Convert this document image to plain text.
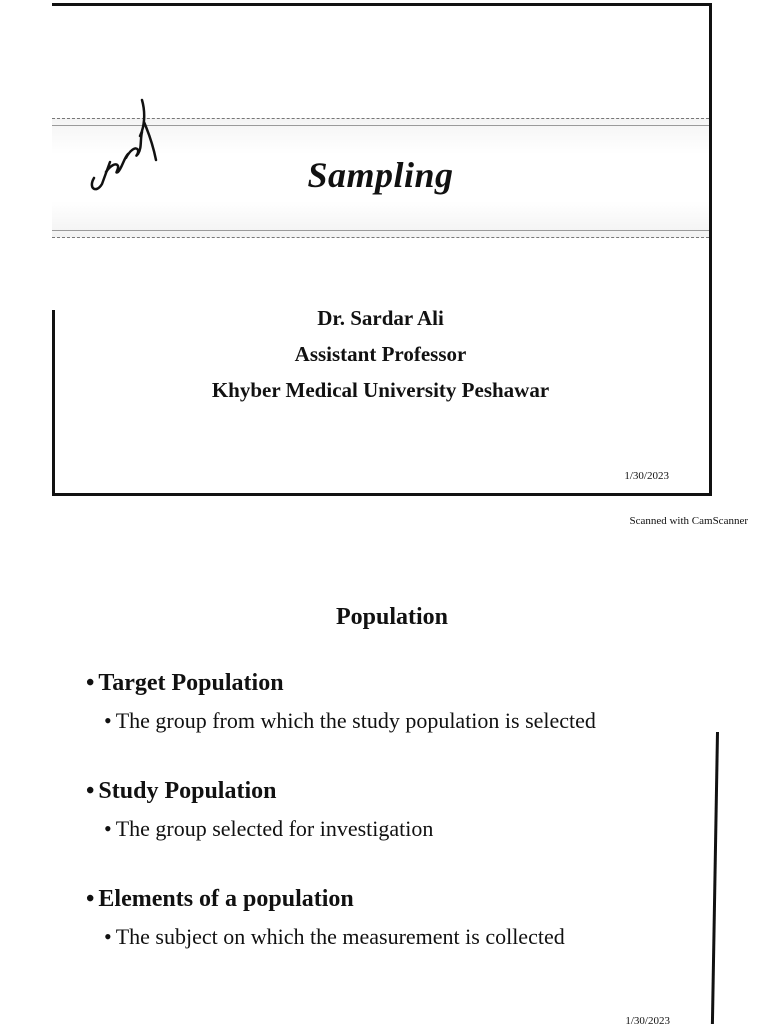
Sampling
Dr. Sardar Ali
Assistant Professor
Khyber Medical University Peshawar
1/30/2023
Scanned with CamScanner
Population
• Target Population
• The group from which the study population is selected
• Study Population
• The group selected for investigation
• Elements of a population
• The subject on which the measurement is collected
1/30/2023
